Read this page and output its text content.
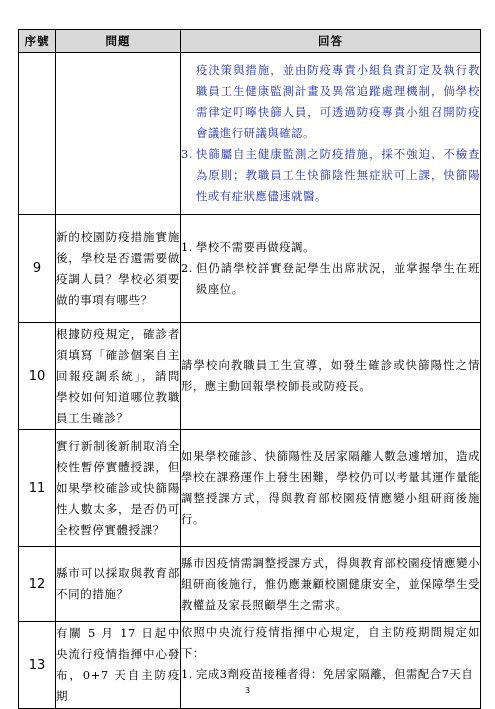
序號	問題	回答

		疫決策與措施，並由防疫專責小組負責訂定及執行教職員工生健康監測計畫及異常追蹤處理機制，倘學校需律定叮嚀快篩人員，可透過防疫專責小組召開防疫會議進行研議與確認。
3. 快篩屬自主健康監測之防疫措施，採不強迫、不檢查為原則；教職員工生快篩陰性無症狀可上課，快篩陽性或有症狀應儘速就醫。

9	新的校園防疫措施實施後，學校是否還需要做疫調人員？學校必須要做的事項有哪些？	1. 學校不需要再做疫調。
2. 但仍請學校詳實登記學生出席狀況，並掌握學生在班級座位。

10	根據防疫規定，確診者須填寫「確診個案自主回報疫調系統」，請問學校如何知道哪位教職員工生確診？	請學校向教職員工生宣導，如發生確診或快篩陽性之情形，應主動回報學校師長或防疫長。

11	實行新制後新制取消全校性暫停實體授課，但如果學校確診或快篩陽性人數太多，是否仍可全校暫停實體授課？	如果學校確診、快篩陽性及居家隔離人數急遽增加，造成學校在課務運作上發生困難，學校仍可以考量其運作量能調整授課方式，得與教育部校園疫情應變小組研商後施行。

12	縣市可以採取與教育部不同的措施？	縣市因疫情需調整授課方式，得與教育部校園疫情應變小組研商後施行，惟仍應兼顧校園健康安全，並保障學生受教權益及家長照顧學生之需求。

13	有關 5 月 17 日起中央流行疫情指揮中心發布，0+7 天自主防疫期	依照中央流行疫情指揮中心規定，自主防疫期間規定如下：
1. 完成3劑疫苗接種者得：免居家隔離，但需配合7天自
3
